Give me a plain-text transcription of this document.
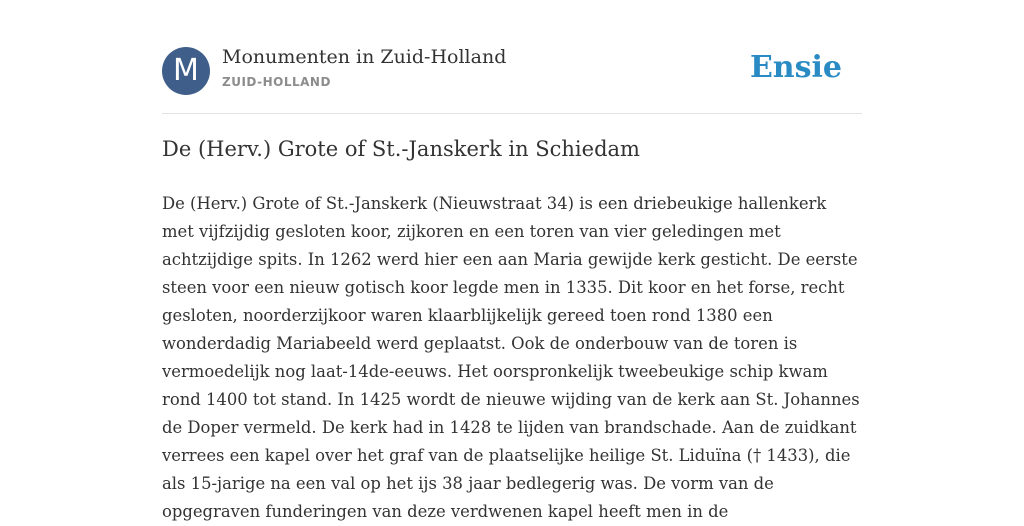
M	Monumenten in Zuid-Holland
ZUID-HOLLAND	Ensie
De (Herv.) Grote of St.-Janskerk in Schiedam

De (Herv.) Grote of St.-Janskerk (Nieuwstraat 34) is een driebeukige hallenkerk met vijfzijdig gesloten koor, zijkoren en een toren van vier geledingen met achtzijdige spits. In 1262 werd hier een aan Maria gewijde kerk gesticht. De eerste steen voor een nieuw gotisch koor legde men in 1335. Dit koor en het forse, recht gesloten, noorderzijkoor waren klaarblijkelijk gereed toen rond 1380 een wonderdadig Mariabeeld werd geplaatst. Ook de onderbouw van de toren is vermoedelijk nog laat-14de-eeuws. Het oorspronkelijk tweebeukige schip kwam rond 1400 tot stand. In 1425 wordt de nieuwe wijding van de kerk aan St. Johannes de Doper vermeld. De kerk had in 1428 te lijden van brandschade. Aan de zuidkant verrees een kapel over het graf van de plaatselijke heilige St. Liduïna († 1433), die als 15-jarige na een val op het ijs 38 jaar bedlegerig was. De vorm van de opgegraven funderingen van deze verdwenen kapel heeft men in de
